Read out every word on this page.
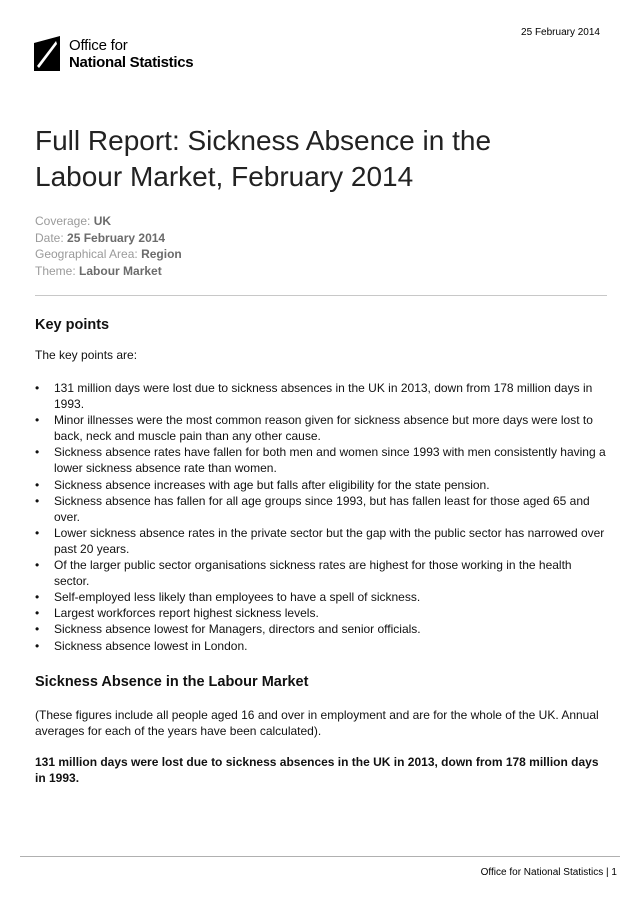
25 February 2014
Office for
National Statistics
Full Report: Sickness Absence in the
Labour Market, February 2014
Coverage: UK
Date: 25 February 2014
Geographical Area: Region
Theme: Labour Market
Key points
The key points are:
• 131 million days were lost due to sickness absences in the UK in 2013, down from 178 million days in 1993.
• Minor illnesses were the most common reason given for sickness absence but more days were lost to back, neck and muscle pain than any other cause.
• Sickness absence rates have fallen for both men and women since 1993 with men consistently having a lower sickness absence rate than women.
• Sickness absence increases with age but falls after eligibility for the state pension.
• Sickness absence has fallen for all age groups since 1993, but has fallen least for those aged 65 and over.
• Lower sickness absence rates in the private sector but the gap with the public sector has narrowed over past 20 years.
• Of the larger public sector organisations sickness rates are highest for those working in the health sector.
• Self-employed less likely than employees to have a spell of sickness.
• Largest workforces report highest sickness levels.
• Sickness absence lowest for Managers, directors and senior officials.
• Sickness absence lowest in London.
Sickness Absence in the Labour Market

(These figures include all people aged 16 and over in employment and are for the whole of the UK. Annual averages for each of the years have been calculated).

131 million days were lost due to sickness absences in the UK in 2013, down from 178 million days in 1993.

Office for National Statistics | 1
